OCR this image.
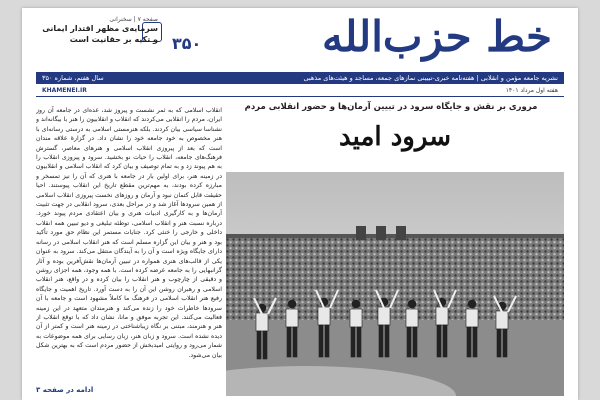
خط حزب‌الله
۳۵۰
صفحه ۷ | سخنرانی
سرمایه‌ی مظهر اقتدار ایمانی و تکیه بر حقانیت است
نشریه جامعه مؤمن و انقلابی | هفته‌نامه خبری-تبیینی نمازهای جمعه، مساجد و هیئت‌های مذهبی
سال هفتم، شماره ۳۵۰
هفته اول مرداد ۱۴۰۱
KHAMENEI.IR

انقلاب اسلامی که به ثمر نشست و پیروز شد، عده‌ای در جامعه آن روز ایران، مردم را انقلابی می‌کردند که انقلاب و انقلابیون را هنر با بیگانه‌اند و نشناسا سیاسی بیان کردند. بلکه هنرمستی اسلامی به درستی رسانه‌ای با هنر مخصوص به خود جامعه خود را نشان داد. در گزارهٔ علاقه مندان است که بعد از پیروزی انقلاب اسلامی و هنرهای معاصر، گسترش فرهنگ‌های جامعه، انقلاب را حیات نو بخشید. سرود و پیروزی انقلاب را به هم پیوند زد و به تمام توصیف و بیان کرد که انقلاب اسلامی و انقلابیون در زمینه هنر، برای اولین بار در جامعه با هنری که آن را نیز تمسخر و مبارزه کرده بودند، به مهم‌ترین مقطع تاریخ این انقلاب پیوستند. احیا حقیقت قابل کتمان نبود و آرمان و روزهای نخست پیروزی انقلاب اسلامی از همین سرودها آغاز شد و در مراحل بعدی، سرود انقلابی در جهت تثبیت آرمان‌ها و به کارگیری ادبیات هنری و بیان اعتقادی مردم پیوند خورد. درباره نسبت هنر و انقلاب اسلامی، توطئه تبلیغی و دیو تبیین همه انقلاب داخلی و خارجی را خنثی کرد. جنایات مستمر این نظام حق مورد تأکید بود و هنر و بیان این گزاره مسلم است که هنر انقلاب اسلامی در رسانه دارای جایگاه ویژه است و آن را به آیندگان منتقل می‌کند. سرود به عنوان یکی از قالب‌های هنری همواره در تبیین آرمان‌ها نقش‌آفرین بوده و آثار گرانبهایی را به جامعه عرضه کرده است. با همه وجود، همه اجزای روشن و دقیقی از چارچوب و هنر انقلاب را بیان کرده و در واقع، هنر انقلاب اسلامی و رهبران روشن این آن را به دست آورد. تاریخ اهمیت و جایگاه رفیع هنر انقلاب اسلامی در فرهنگ ما کاملاً مشهود است و جامعه با آن سرودها خاطرات خود را زنده می‌کند و هنرمندان متعهد در این زمینه فعالیت می‌کنند. این تجربه موفق و مانا، نشان داد که با توقع انقلاب از هنر و هنرمند، مبتنی بر نگاه زیبا‌شناختی در زمینه هنر است و کمتر از آن دیده نشده است. سرود و زبان هنر، زبان رسایی برای همه موضوعات به شمار می‌رود و روایتی امیدبخش از حضور مردم است که به بهترین شکل بیان می‌شود.

ادامه در صفحه ۳
مروری بر نقش و جایگاه سرود در تبیین آرمان‌ها و حضور انقلابی مردم
سرود امید
